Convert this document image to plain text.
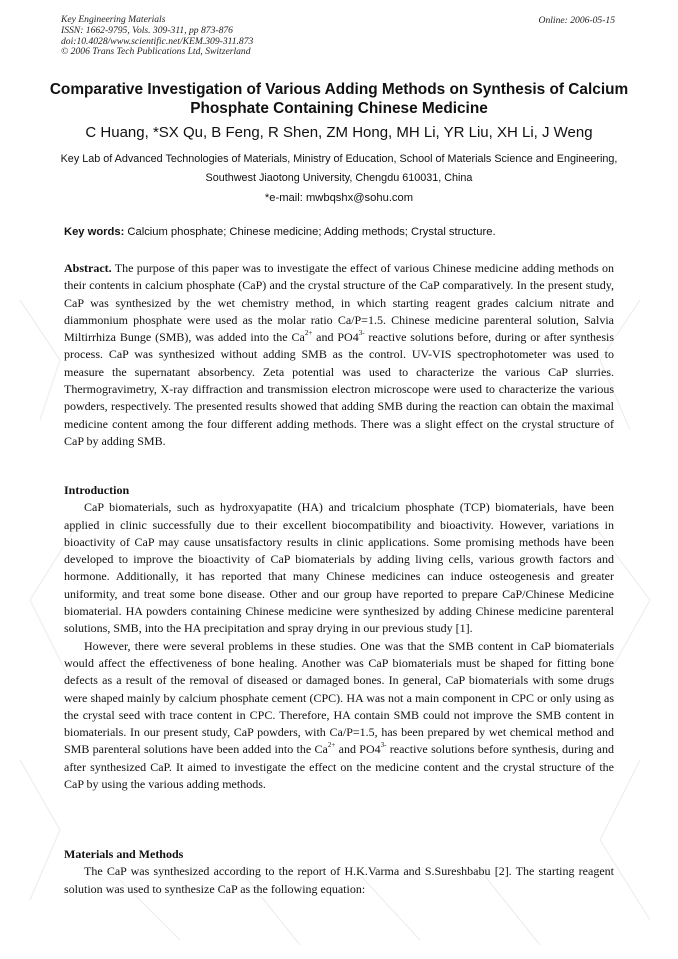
Key Engineering Materials
ISSN: 1662-9795, Vols. 309-311, pp 873-876
doi:10.4028/www.scientific.net/KEM.309-311.873
© 2006 Trans Tech Publications Ltd, Switzerland
Online: 2006-05-15
Comparative Investigation of Various Adding Methods on Synthesis of Calcium Phosphate Containing Chinese Medicine
C Huang, *SX Qu, B Feng, R Shen, ZM Hong, MH Li, YR Liu, XH Li, J Weng
Key Lab of Advanced Technologies of Materials, Ministry of Education, School of Materials Science and Engineering, Southwest Jiaotong University, Chengdu 610031, China
*e-mail: mwbqshx@sohu.com
Key words: Calcium phosphate; Chinese medicine; Adding methods; Crystal structure.

Abstract. The purpose of this paper was to investigate the effect of various Chinese medicine adding methods on their contents in calcium phosphate (CaP) and the crystal structure of the CaP comparatively. In the present study, CaP was synthesized by the wet chemistry method, in which starting reagent grades calcium nitrate and diammonium phosphate were used as the molar ratio Ca/P=1.5. Chinese medicine parenteral solution, Salvia Miltirrhiza Bunge (SMB), was added into the $Ca^{2+}$ and $PO4^{3-}$ reactive solutions before, during or after synthesis process. CaP was synthesized without adding SMB as the control. UV-VIS spectrophotometer was used to measure the supernatant absorbency. Zeta potential was used to characterize the various CaP slurries. Thermogravimetry, X-ray diffraction and transmission electron microscope were used to characterize the various powders, respectively. The presented results showed that adding SMB during the reaction can obtain the maximal medicine content among the four different adding methods. There was a slight effect on the crystal structure of CaP by adding SMB.

Introduction

CaP biomaterials, such as hydroxyapatite (HA) and tricalcium phosphate (TCP) biomaterials, have been applied in clinic successfully due to their excellent biocompatibility and bioactivity. However, variations in bioactivity of CaP may cause unsatisfactory results in clinic applications. Some promising methods have been developed to improve the bioactivity of CaP biomaterials by adding living cells, various growth factors and hormone. Additionally, it has reported that many Chinese medicines can induce osteogenesis and greater uniformity, and treat some bone disease. Other and our group have reported to prepare CaP/Chinese Medicine biomaterial. HA powders containing Chinese medicine were synthesized by adding Chinese medicine parenteral solutions, SMB, into the HA precipitation and spray drying in our previous study [1].

However, there were several problems in these studies. One was that the SMB content in CaP biomaterials would affect the effectiveness of bone healing. Another was CaP biomaterials must be shaped for fitting bone defects as a result of the removal of diseased or damaged bones. In general, CaP biomaterials with some drugs were shaped mainly by calcium phosphate cement (CPC). HA was not a main component in CPC or only using as the crystal seed with trace content in CPC. Therefore, HA contain SMB could not improve the SMB content in biomaterials. In our present study, CaP powders, with Ca/P=1.5, has been prepared by wet chemical method and SMB parenteral solutions have been added into the $Ca^{2+}$ and $PO4^{3-}$ reactive solutions before synthesis, during and after synthesized CaP. It aimed to investigate the effect on the medicine content and the crystal structure of the CaP by using the various adding methods.

Materials and Methods

The CaP was synthesized according to the report of H.K.Varma and S.Sureshbabu [2]. The starting reagent solution was used to synthesize CaP as the following equation:
